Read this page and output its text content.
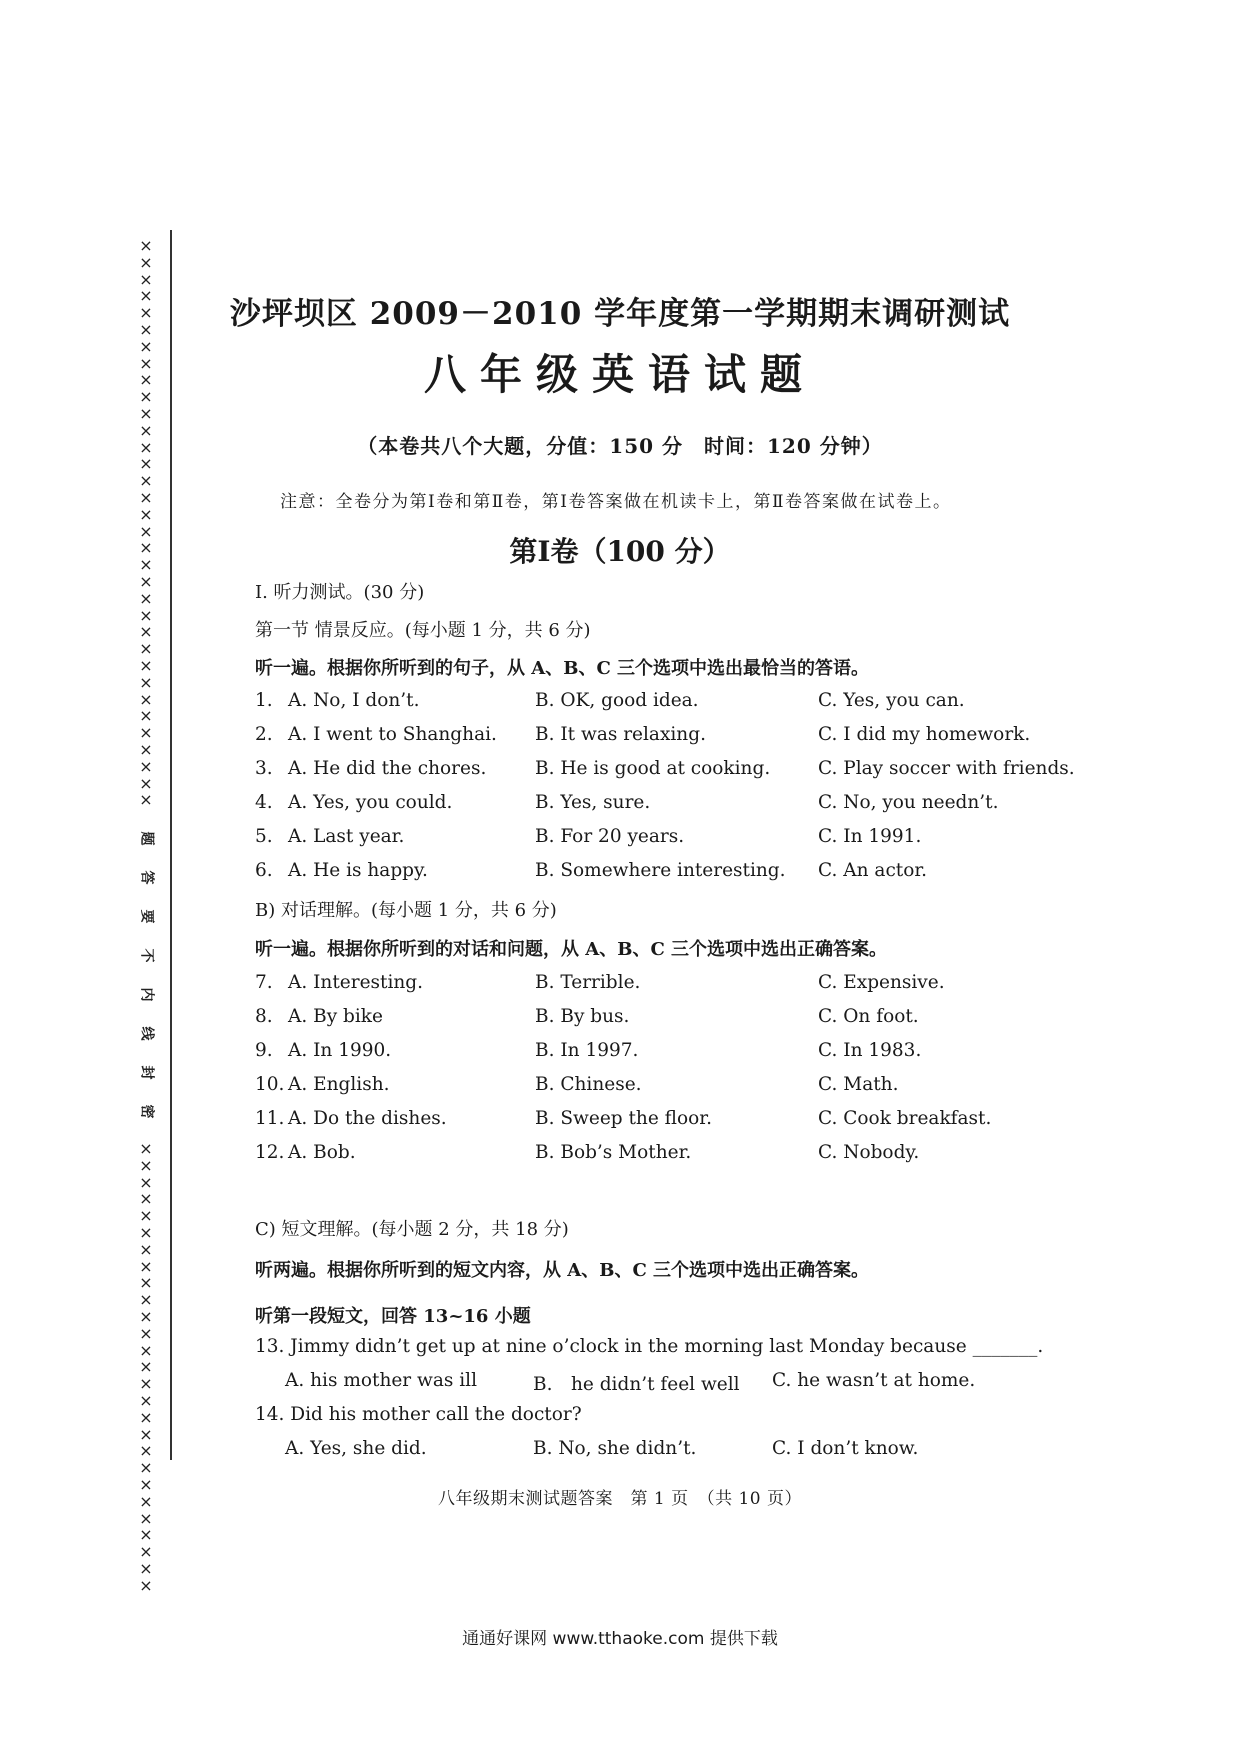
×
×
×
×
×
×
×
×
×
×
×
×
×
×
×
×
×
×
×
×
×
×
×
×
×
×
×
×
×
×
×
×
×
×
题
答
要
不
内
线
封
密
×
×
×
×
×
×
×
×
×
×
×
×
×
×
×
×
×
×
×
×
×
×
×
×
×
×
×
沙坪坝区 2009－2010 学年度第一学期期末调研测试
八年级英语试题
（本卷共八个大题，分值：150 分　时间：120 分钟）
注意：全卷分为第Ⅰ卷和第Ⅱ卷，第Ⅰ卷答案做在机读卡上，第Ⅱ卷答案做在试卷上。
第Ⅰ卷（100 分）
I. 听力测试。(30 分)
第一节 情景反应。(每小题 1 分，共 6 分)
听一遍。根据你所听到的句子，从 A、B、C 三个选项中选出最恰当的答语。
1. A. No, I don’t.	B. OK, good idea.	C. Yes, you can.
2. A. I went to Shanghai. B. It was relaxing.	C. I did my homework.
3. A. He did the chores.	B. He is good at cooking.	C. Play soccer with friends.
4. A. Yes, you could.	B. Yes, sure.	C. No, you needn’t.
5. A. Last year.	B. For 20 years.	C. In 1991.
6. A. He is happy.	B. Somewhere interesting. C. An actor.
B) 对话理解。(每小题 1 分，共 6 分)
听一遍。根据你所听到的对话和问题，从 A、B、C 三个选项中选出正确答案。
7. A. Interesting.	B. Terrible.	C. Expensive.
8. A. By bike	B. By bus.	C. On foot.
9. A. In 1990.	B. In 1997.	C. In 1983.
10. A. English.	B. Chinese.	C. Math.
11. A. Do the dishes.	B. Sweep the floor.	C. Cook breakfast.
12. A. Bob.	B. Bob’s Mother.	C. Nobody.
C) 短文理解。(每小题 2 分，共 18 分)
听两遍。根据你所听到的短文内容，从 A、B、C 三个选项中选出正确答案。
听第一段短文，回答 13~16 小题
13. Jimmy didn’t get up at nine o’clock in the morning last Monday because _______.
A. his mother was ill	B.　he didn’t feel well C. he wasn’t at home.
14. Did his mother call the doctor?
A. Yes, she did.	B. No, she didn’t.	C. I don’t know.
八年级期末测试题答案　第 1 页　（共 10 页）
通通好课网 www.tthaoke.com 提供下载
